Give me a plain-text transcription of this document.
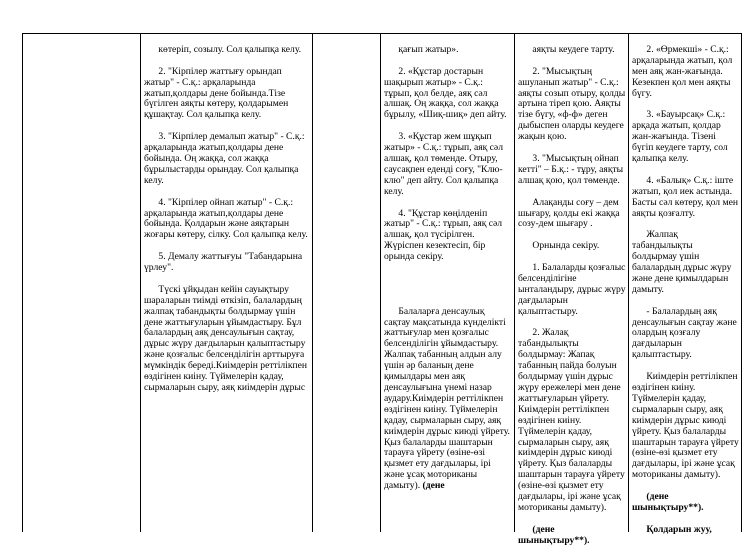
көтеріп, созылу. Сол қалыпқа келу.

2. "Кірпілер жаттығу орындап жатыр" - С.қ.: арқаларында жатып,қолдары дене бойында.Тізе бүгілген аяқты көтеру, қолдарымен құшақтау. Сол қалыпқа келу.

3. "Кірпілер демалып жатыр" - С.қ.: арқаларында жатып,қолдары дене бойында. Оң жаққа, сол жаққа бұрылыстарды орындау. Сол қалыпқа келу.

4. "Кірпілер ойнап жатыр" - С.қ.: арқаларында жатып,қолдары дене бойында. Қолдарын және аяқтарын жоғары көтеру, сілку. Сол қалыпқа келу.

5. Демалу жаттығуы "Табандарына үрлеу".

Түскі ұйқыдан кейін сауықтыру шараларын тиімді өткізіп, балалардың жалпақ табандықты болдырмау үшін дене жаттығуларын ұйымдастыру. Бұл балалардың аяқ денсаулығын сақтау, дұрыс жүру дағдыларын қалыптастыру және қозғалыс белсенділігін арттыруға мүмкіндік береді.Киімдерін реттілікпен өздігінен киіну. Түймелерін қадау, сырмаларын сыру, аяқ киімдерін дұрыс

қағып жатыр».

2. «Құстар достарын шақырып жатыр» - С.қ.: тұрып, қол белде, аяқ сәл алшақ. Оң жаққа, сол жаққа бұрылу, «Шиқ-шиқ» деп айту.

3. «Құстар жем шұқып жатыр» - С.қ.: тұрып, аяқ сәл алшақ, қол төменде. Отыру, саусақпен еденді соғу, "Клю-клю" деп айту. Сол қалыпқа келу.

4. "Құстар көңілденіп жатыр" - С.қ.: тұрып, аяқ сәл алшақ, қол түсірілген. Жүріспен кезектесіп, бір орында секіру.

Балаларға денсаулық сақтау мақсатында күнделікті жаттығулар мен қозғалыс белсенділігін ұйымдастыру. Жалпақ табанның алдын алу үшін әр баланың дене қимылдары мен аяқ денсаулығына үнемі назар аудару.Киімдерін реттілікпен өздігінен киіну. Түймелерін қадау, сырмаларын сыру, аяқ киімдерін дұрыс киюді үйрету. Қыз балаларды шаштарын тарауға үйрету (өзіне-өзі қызмет ету дағдылары, ірі және ұсақ моториканы дамыту). (дене

аяқты кеудеге тарту.

2. "Мысықтың ашуланып жатыр" - С.қ.: аяқты созып отыру, қолды артына тіреп қою. Аяқты тізе бүгу, «ф-ф» деген дыбыспен оларды кеудеге жақын қою.

3. "Мысықтың ойнап кетті" – Б.қ.: - тұру, аяқты алшақ қою, қол төменде.

Алақанды соғу – дем шығару, қолды екі жаққа созу-дем шығару .

Орнында секіру.

1. Балаларды қозғалыс белсенділігіне ынталандыру, дұрыс жүру дағдыларын қалыптастыру.

2. Жалақ табандылықты болдырмау: Жапақ табанның пайда болуын болдырмау үшін дұрыс жүру ережелері мен дене жаттығуларын үйрету. Киімдерін реттілікпен өздігінен киіну. Түймелерін қадау, сырмаларын сыру, аяқ киімдерін дұрыс киюді үйрету. Қыз балаларды шаштарын тарауға үйрету (өзіне-өзі қызмет ету дағдылары, ірі және ұсақ моториканы дамыту).

(дене шынықтыру**).

2. «Өрмекші» - С.қ.: арқаларында жатып, қол мен аяқ жан-жағында. Кезекпен қол мен аяқты бүгу.

3. «Бауырсақ» С.қ.: арқада жатып, қолдар жан-жағында. Тізені бүгіп кеудеге тарту, сол қалыпқа келу.

4. «Балық» С.қ.: іште жатып, қол иек астында. Басты сәл көтеру, қол мен аяқты қозғалту.

Жалпақ табандылықты болдырмау үшін балалардың дұрыс жүру және дене қимылдарын дамыту.

- Балалардың аяқ денсаулығын сақтау және олардың қозғалу дағдыларын қалыптастыру.

Киімдерін реттілікпен өздігінен киіну. Түймелерін қадау, сырмаларын сыру, аяқ киімдерін дұрыс киюді үйрету. Қыз балаларды шаштарын тарауға үйрету (өзіне-өзі қызмет ету дағдылары, ірі және ұсақ моториканы дамыту).

(дене шынықтыру**).

Қолдарын жуу,
